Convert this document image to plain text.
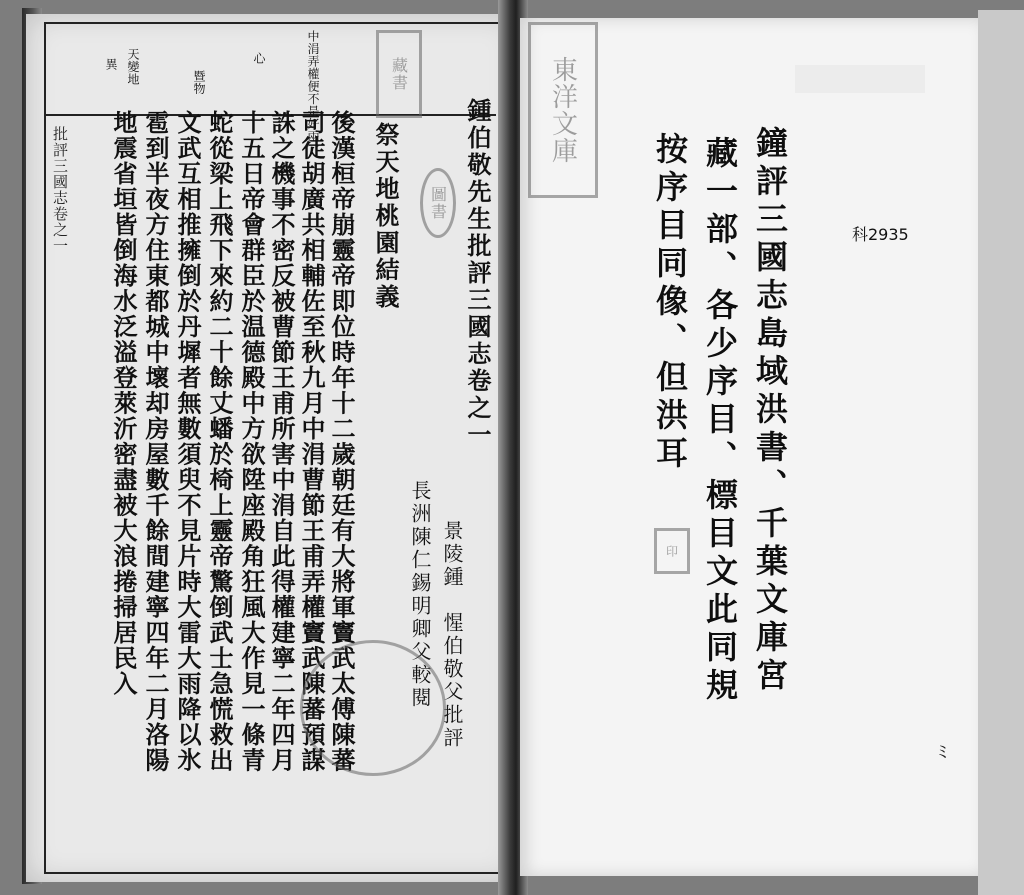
中涓弄權便不是好兩
心
暨物
天變地
異
批評三國志卷之一	鍾伯敬先生批評三國志卷之一
景陵鍾　惺伯敬父批評
長洲陳仁錫明卿父較閱
祭天地桃園結義
後漢桓帝崩靈帝即位時年十二歲朝廷有大將軍竇武太傅陳蕃
司徒胡廣共相輔佐至秋九月中涓曹節王甫弄權竇武陳蕃預謀
誅之機事不密反被曹節王甫所害中涓自此得權建寧二年四月
十五日帝會群臣於温德殿中方欲陞座殿角狂風大作見一條青
蛇從梁上飛下來約二十餘丈蟠於椅上靈帝驚倒武士急慌救出
文武互相推擁倒於丹墀者無數須臾不見片時大雷大雨降以氷
雹到半夜方住東都城中壞却房屋數千餘間建寧四年二月洛陽
地震省垣皆倒海水泛溢登萊沂密盡被大浪捲掃居民入
藏書
圖書
東洋文庫
鐘評三國志島域洪書、千葉文庫宮
藏一部、各少序目、標目文此同規
按序目同像、但洪耳
印
科2935
ﾐ
